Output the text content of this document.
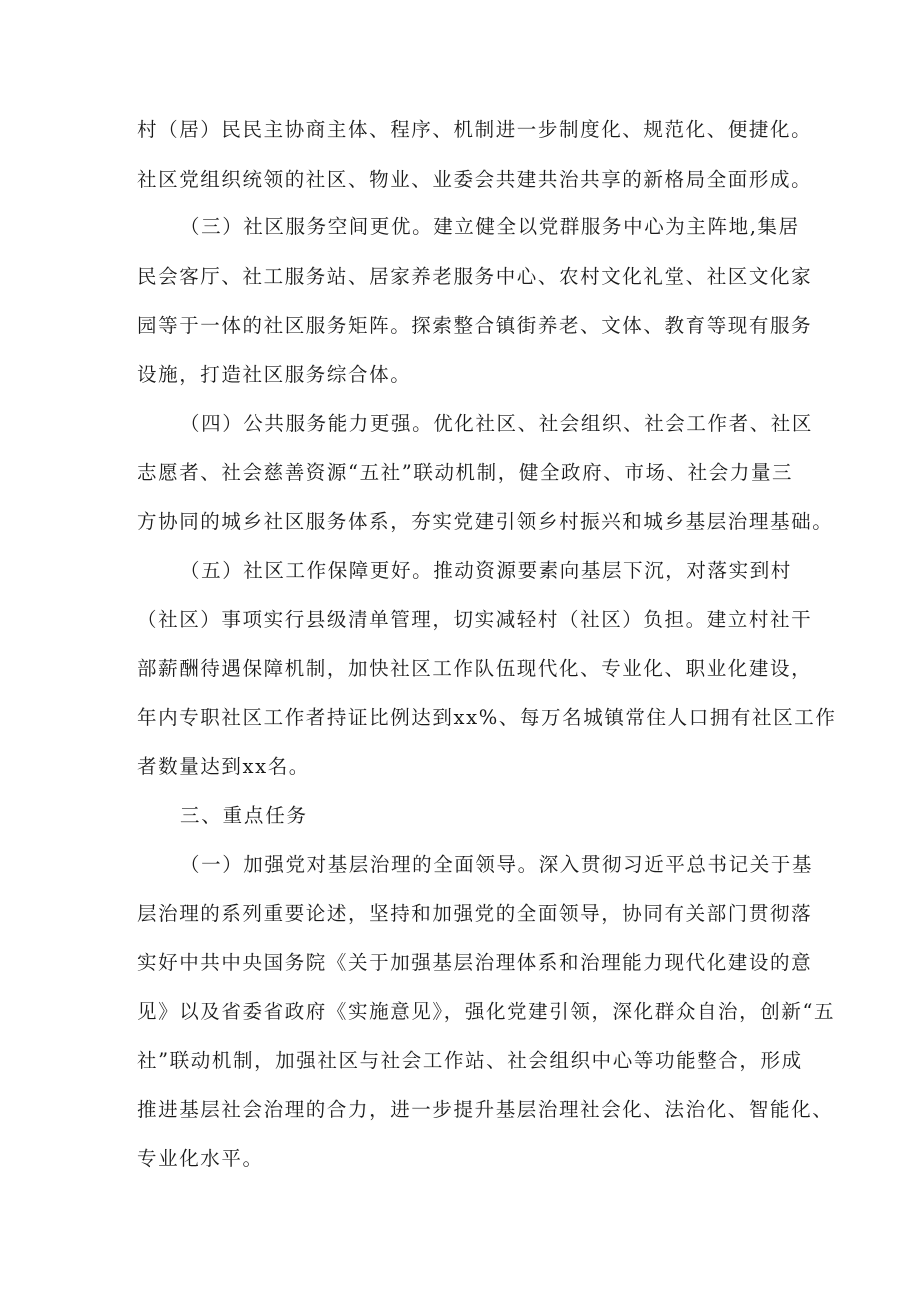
村（居）民民主协商主体、程序、机制进一步制度化、规范化、便捷化。
社区党组织统领的社区、物业、业委会共建共治共享的新格局全面形成。
（三）社区服务空间更优。建立健全以党群服务中心为主阵地,集居
民会客厅、社工服务站、居家养老服务中心、农村文化礼堂、社区文化家
园等于一体的社区服务矩阵。探索整合镇街养老、文体、教育等现有服务
设施，打造社区服务综合体。
（四）公共服务能力更强。优化社区、社会组织、社会工作者、社区
志愿者、社会慈善资源“五社”联动机制，健全政府、市场、社会力量三
方协同的城乡社区服务体系，夯实党建引领乡村振兴和城乡基层治理基础。
（五）社区工作保障更好。推动资源要素向基层下沉，对落实到村
（社区）事项实行县级清单管理，切实减轻村（社区）负担。建立村社干
部薪酬待遇保障机制，加快社区工作队伍现代化、专业化、职业化建设，
年内专职社区工作者持证比例达到xx%、每万名城镇常住人口拥有社区工作
者数量达到xx名。
三、重点任务
（一）加强党对基层治理的全面领导。深入贯彻习近平总书记关于基
层治理的系列重要论述，坚持和加强党的全面领导，协同有关部门贯彻落
实好中共中央国务院《关于加强基层治理体系和治理能力现代化建设的意
见》以及省委省政府《实施意见》，强化党建引领，深化群众自治，创新“五
社”联动机制，加强社区与社会工作站、社会组织中心等功能整合，形成
推进基层社会治理的合力，进一步提升基层治理社会化、法治化、智能化、
专业化水平。
